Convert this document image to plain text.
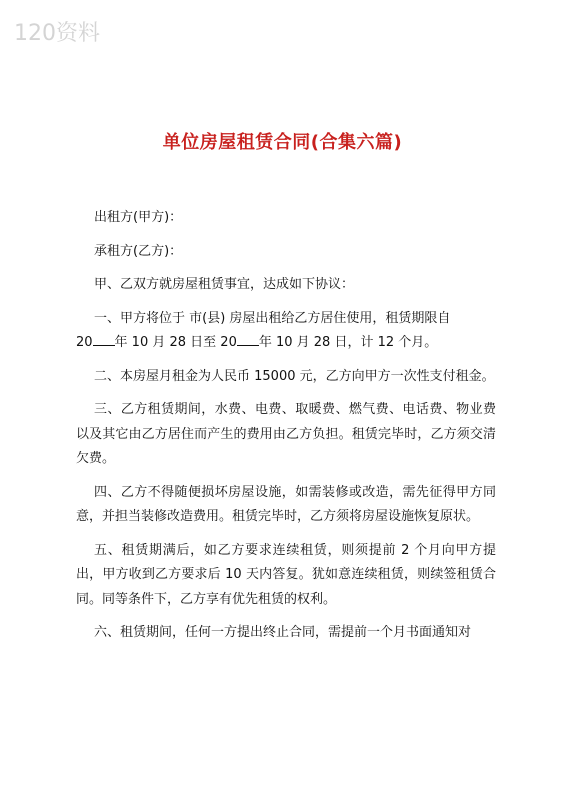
120资料
单位房屋租赁合同(合集六篇)

出租方(甲方)：

承租方(乙方)：

甲、乙双方就房屋租赁事宜，达成如下协议：

一、甲方将位于 市(县) 房屋出租给乙方居住使用，租赁期限自

20 年 10 月 28 日至 20 年 10 月 28 日，计 12 个月。

二、本房屋月租金为人民币 15000 元，乙方向甲方一次性支付租金。

三、乙方租赁期间，水费、电费、取暖费、燃气费、电话费、物业费以及其它由乙方居住而产生的费用由乙方负担。租赁完毕时，乙方须交清欠费。

四、乙方不得随便损坏房屋设施，如需装修或改造，需先征得甲方同意，并担当装修改造费用。租赁完毕时，乙方须将房屋设施恢复原状。

五、租赁期满后，如乙方要求连续租赁，则须提前 2 个月向甲方提出，甲方收到乙方要求后 10 天内答复。犹如意连续租赁，则续签租赁合同。同等条件下，乙方享有优先租赁的权利。

六、租赁期间，任何一方提出终止合同，需提前一个月书面通知对
